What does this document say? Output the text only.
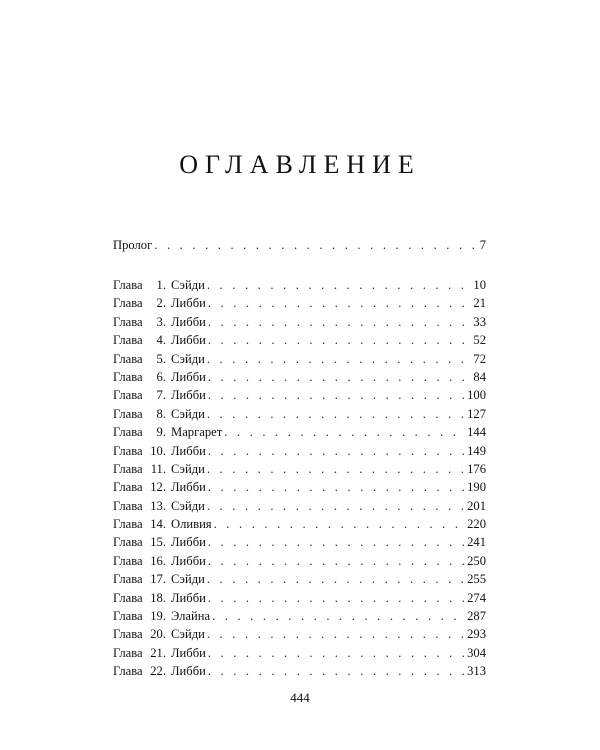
ОГЛАВЛЕНИЕ
Пролог . . .	7
Глава 1. Сэйди . . .	10
Глава 2. Либби . . .	21
Глава 3. Либби . . .	33
Глава 4. Либби . . .	52
Глава 5. Сэйди . . .	72
Глава 6. Либби . . .	84
Глава 7. Либби . . .	100
Глава 8. Сэйди . . .	127
Глава 9. Маргарет . . .	144
Глава 10. Либби . . .	149
Глава 11. Сэйди . . .	176
Глава 12. Либби . . .	190
Глава 13. Сэйди . . .	201
Глава 14. Оливия . . .	220
Глава 15. Либби . . .	241
Глава 16. Либби . . .	250
Глава 17. Сэйди . . .	255
Глава 18. Либби . . .	274
Глава 19. Элайна . . .	287
Глава 20. Сэйди . . .	293
Глава 21. Либби . . .	304
Глава 22. Либби . . .	313
444
